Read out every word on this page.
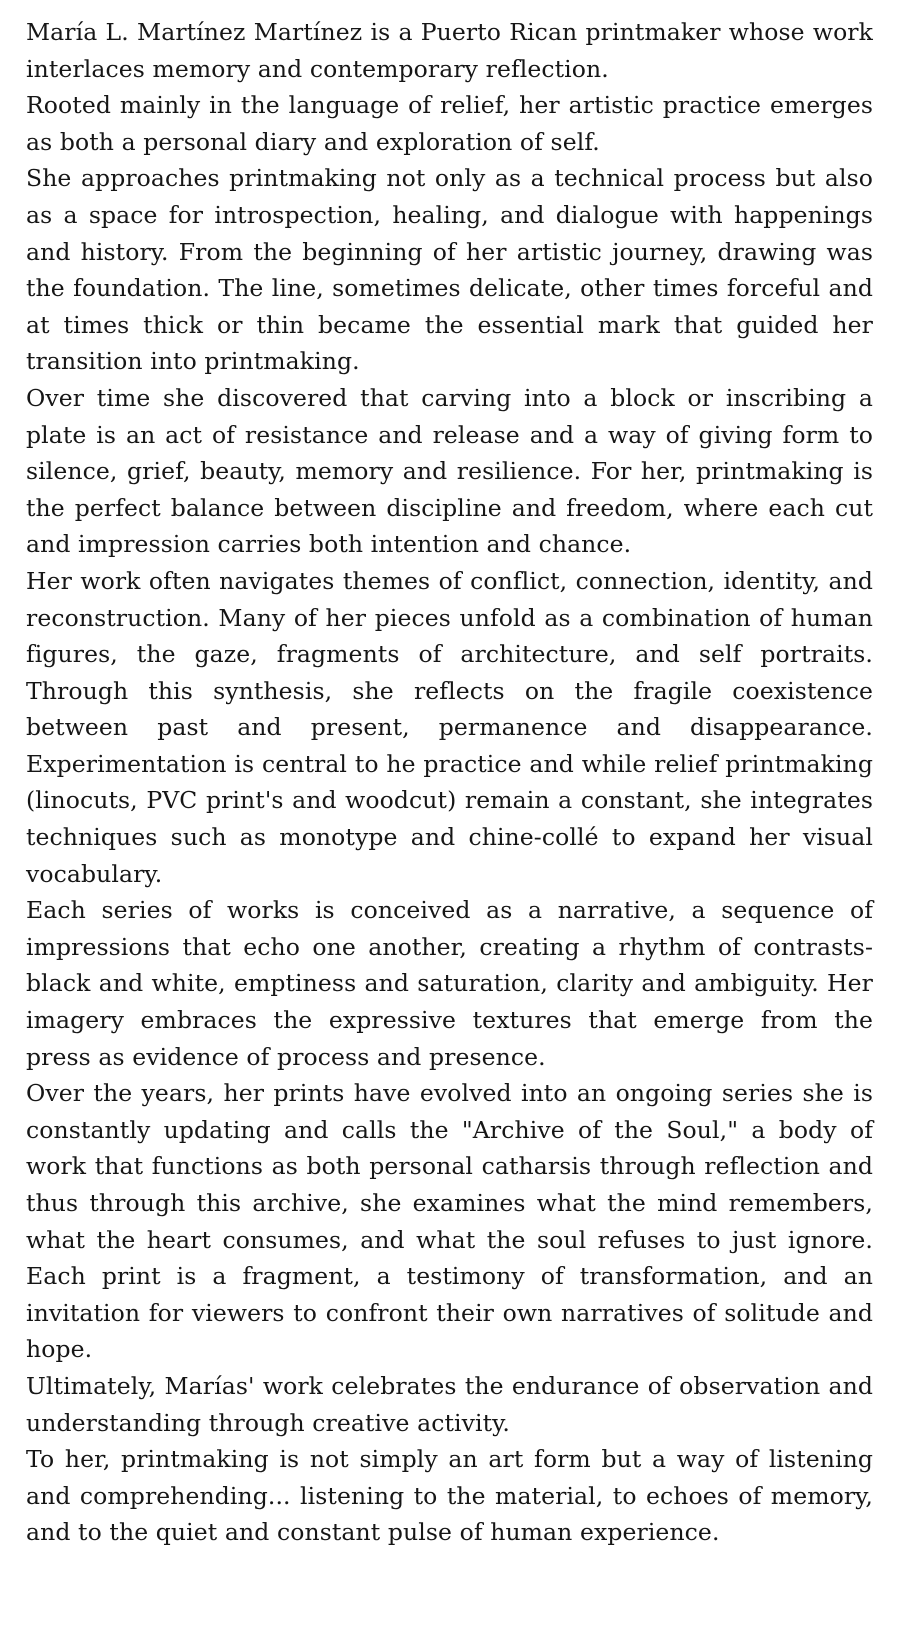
María L. Martínez Martínez is a Puerto Rican printmaker whose work interlaces memory and contemporary reflection.

Rooted mainly in the language of relief, her artistic practice emerges as both a personal diary and exploration of self.

She approaches printmaking not only as a technical process but also as a space for introspection, healing, and dialogue with happenings and history. From the beginning of her artistic journey, drawing was the foundation. The line, sometimes delicate, other times forceful and at times thick or thin became the essential mark that guided her transition into printmaking.

Over time she discovered that carving into a block or inscribing a plate is an act of resistance and release and a way of giving form to silence, grief, beauty, memory and resilience. For her, printmaking is the perfect balance between discipline and freedom, where each cut and impression carries both intention and chance.

Her work often navigates themes of conflict, connection, identity, and reconstruction. Many of her pieces unfold as a combination of human figures, the gaze, fragments of architecture, and self portraits. Through this synthesis, she reflects on the fragile coexistence between past and present, permanence and disappearance. Experimentation is central to he practice and while relief printmaking (linocuts, PVC print's and woodcut) remain a constant, she integrates techniques such as monotype and chine-collé to expand her visual vocabulary.

Each series of works is conceived as a narrative, a sequence of impressions that echo one another, creating a rhythm of contrasts-black and white, emptiness and saturation, clarity and ambiguity. Her imagery embraces the expressive textures that emerge from the press as evidence of process and presence.

Over the years, her prints have evolved into an ongoing series she is constantly updating and calls the "Archive of the Soul," a body of work that functions as both personal catharsis through reflection and thus through this archive, she examines what the mind remembers, what the heart consumes, and what the soul refuses to just ignore. Each print is a fragment, a testimony of transformation, and an invitation for viewers to confront their own narratives of solitude and hope.

Ultimately, Marías' work celebrates the endurance of observation and understanding through creative activity.

To her, printmaking is not simply an art form but a way of listening and comprehending... listening to the material, to echoes of memory, and to the quiet and constant pulse of human experience.
